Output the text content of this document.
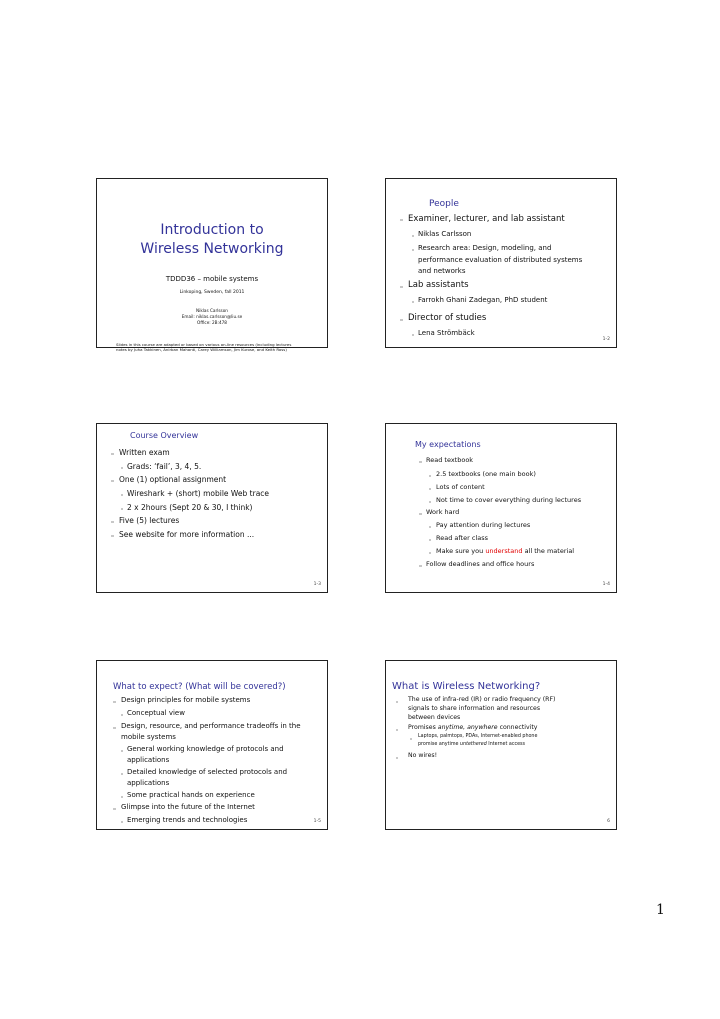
Introduction to
Wireless Networking
TDDD36 – mobile systems
Linkoping, Sweden, fall 2011
Niklas Carlsson
Email: niklas.carlsson@liu.se
Office: 2B:478
Slides in this course are adapted or based on various on-line resources (including lectures
notes by Juha Takkinen, Anirban Mahanti, Carey Williamson, Jim Kurose, and Keith Ross)
People
Examiner, lecturer, and lab assistant
Niklas Carlsson
Research area: Design, modeling, and
performance evaluation of distributed systems
and networks
Lab assistants
Farrokh Ghani Zadegan, PhD student
Director of studies
Lena Strömbäck
1-2
Course Overview
Written exam
Grads: ‘fail’, 3, 4, 5.
One (1) optional assignment
Wireshark + (short) mobile Web trace
2 x 2hours (Sept 20 & 30, I think)
Five (5) lectures
See website for more information ...
1-3
My expectations
Read textbook
2.5 textbooks (one main book)
Lots of content
Not time to cover everything during lectures
Work hard
Pay attention during lectures
Read after class
Make sure you understand all the material
Follow deadlines and office hours
1-4
What to expect? (What will be covered?)
Design principles for mobile systems
Conceptual view
Design, resource, and performance tradeoffs in the
mobile systems
General working knowledge of protocols and
applications
Detailed knowledge of selected protocols and
applications
Some practical hands on experience
Glimpse into the future of the Internet
Emerging trends and technologies	1-5
What is Wireless Networking?
The use of infra-red (IR) or radio frequency (RF)
signals to share information and resources
between devices
Promises anytime, anywhere connectivity
Laptops, palmtops, PDAs, Internet-enabled phone
promise anytime untethered Internet access
No wires!
6
1
